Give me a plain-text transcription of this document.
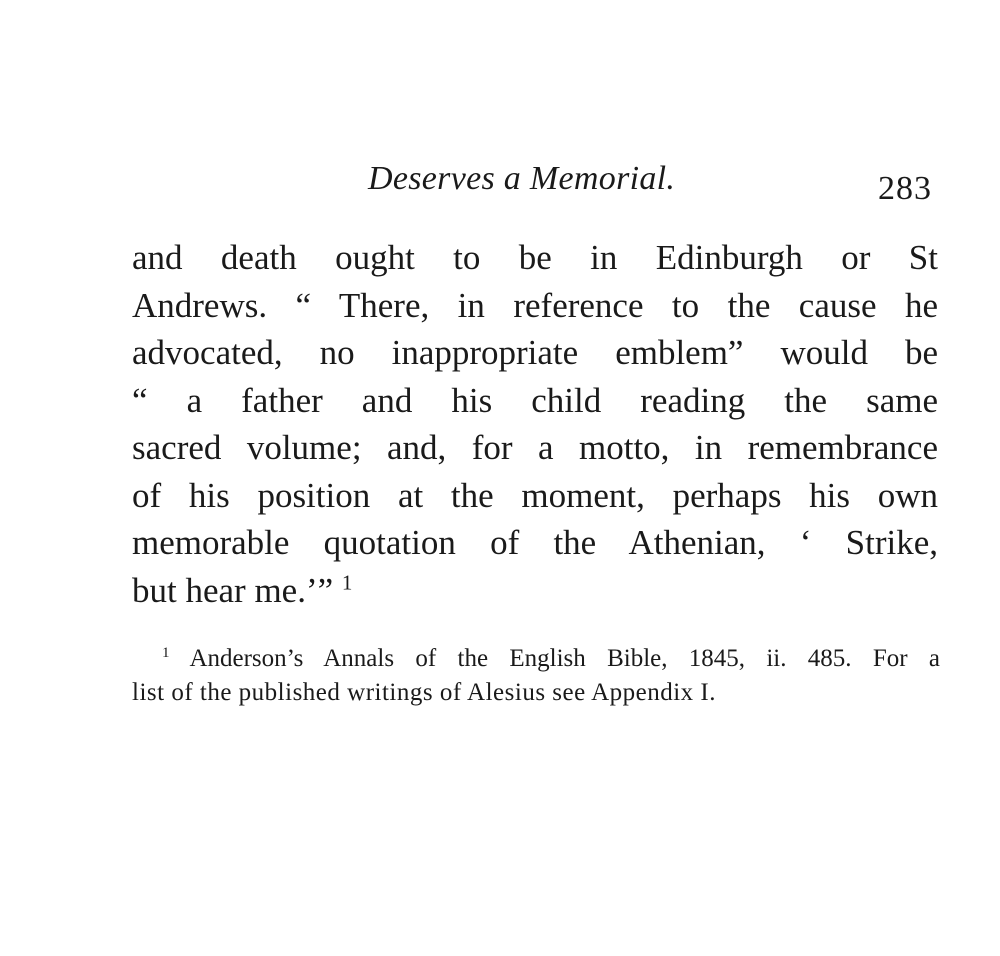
Deserves a Memorial.	283
and death ought to be in Edinburgh or St
Andrews. “ There, in reference to the cause he
advocated, no inappropriate emblem” would be
“ a father and his child reading the same
sacred volume; and, for a motto, in remembrance
of his position at the moment, perhaps his own
memorable quotation of the Athenian, ‘ Strike,
but hear me.’” $^1$
$^1$ Anderson’s Annals of the English Bible, 1845, ii. 485. For a
list of the published writings of Alesius see Appendix I.
